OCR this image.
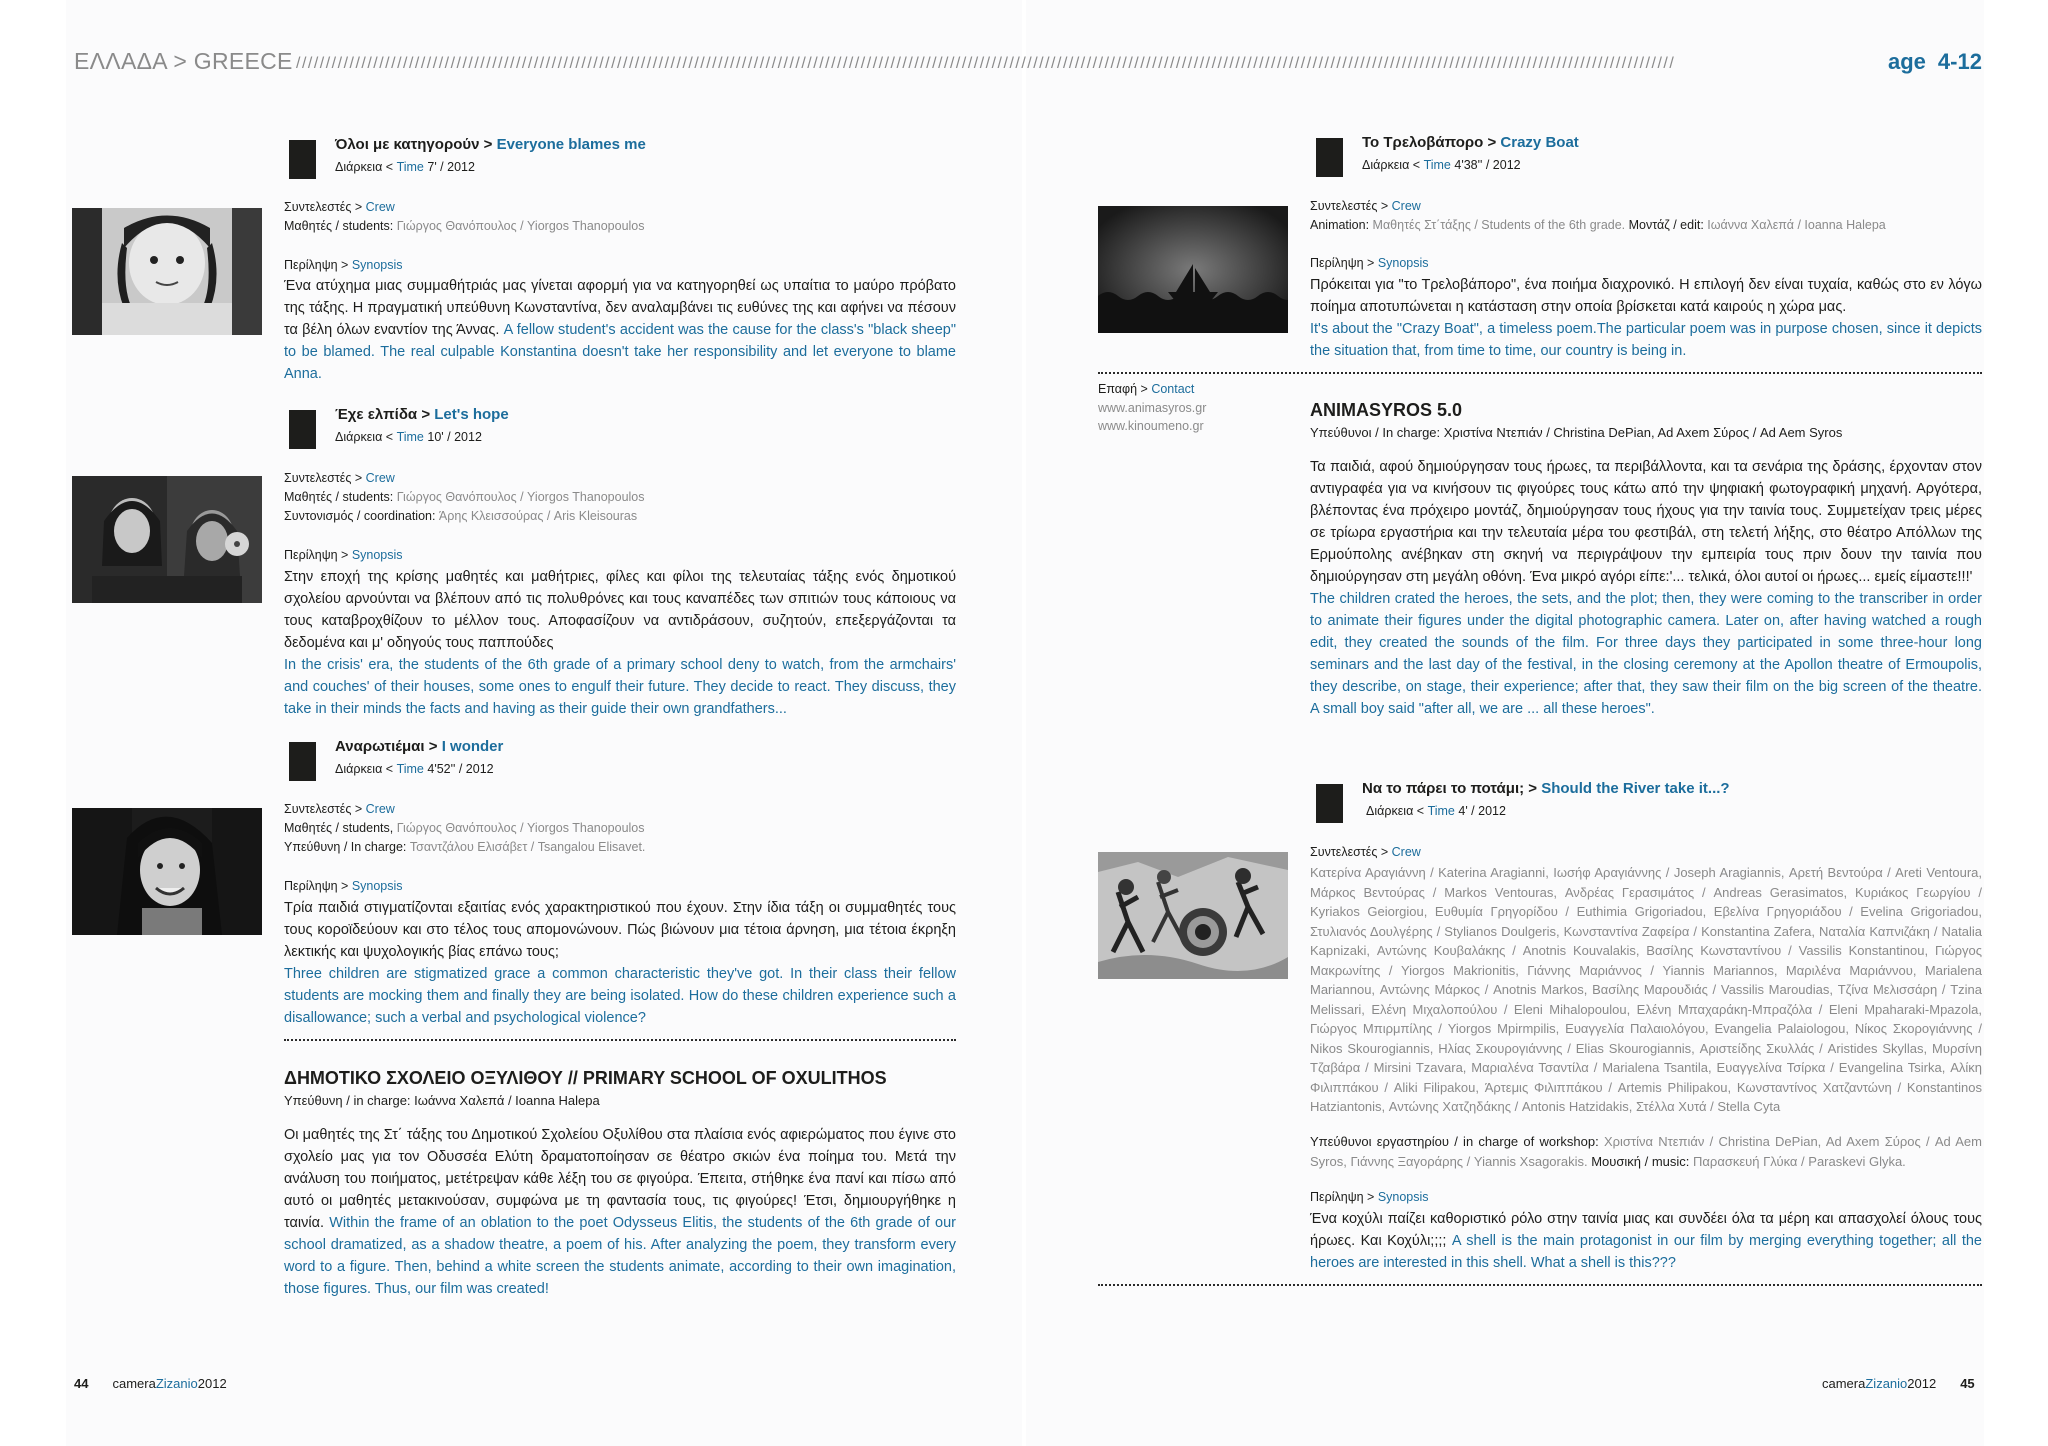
ΕΛΛΑΔΑ > GREECE ////////////////////////////////////////////////////////////////////////////////////////////////////////////////////////////////////////////////////////////////////////////////////////////////////////////////////////////////////////	age 4-12
Όλοι με κατηγορούν > Everyone blames me
Διάρκεια < Time 7' / 2012
Συντελεστές > Crew
Μαθητές / students: Γιώργος Θανόπουλος / Yiorgos Thanopoulos
Περίληψη > Synopsis
Ένα ατύχημα μιας συμμαθήτριάς μας γίνεται αφορμή για να κατηγορηθεί ως υπαίτια το μαύρο πρόβατο της τάξης. Η πραγματική υπεύθυνη Κωνσταντίνα, δεν αναλαμβάνει τις ευθύνες της και αφήνει να πέσουν τα βέλη όλων εναντίον της Άννας. A fellow student's accident was the cause for the class's "black sheep" to be blamed. The real culpable Konstantina doesn't take her responsibility and let everyone to blame Anna.
Έχε ελπίδα > Let's hope
Διάρκεια < Time 10' / 2012
Συντελεστές > Crew
Μαθητές / students: Γιώργος Θανόπουλος / Yiorgos Thanopoulos
Συντονισμός / coordination: Άρης Κλεισσούρας / Aris Kleisouras
Περίληψη > Synopsis
Στην εποχή της κρίσης μαθητές και μαθήτριες, φίλες και φίλοι της τελευταίας τάξης ενός δημοτικού σχολείου αρνούνται να βλέπουν από τις πολυθρόνες και τους καναπέδες των σπιτιών τους κάποιους να τους καταβροχθίζουν το μέλλον τους. Αποφασίζουν να αντιδράσουν, συζητούν, επεξεργάζονται τα δεδομένα και μ' οδηγούς τους παππούδες
In the crisis' era, the students of the 6th grade of a primary school deny to watch, from the armchairs' and couches' of their houses, some ones to engulf their future. They decide to react. They discuss, they take in their minds the facts and having as their guide their own grandfathers...
Αναρωτιέμαι > I wonder
Διάρκεια < Time 4'52'' / 2012
Συντελεστές > Crew
Μαθητές / students, Γιώργος Θανόπουλος / Yiorgos Thanopoulos
Υπεύθυνη / In charge: Τσαντζάλου Ελισάβετ / Tsangalou Elisavet.
Περίληψη > Synopsis
Τρία παιδιά στιγματίζονται εξαιτίας ενός χαρακτηριστικού που έχουν. Στην ίδια τάξη οι συμμαθητές τους τους κοροϊδεύουν και στο τέλος τους απομονώνουν. Πώς βιώνουν μια τέτοια άρνηση, μια τέτοια έκρηξη λεκτικής και ψυχολογικής βίας επάνω τους;
Three children are stigmatized grace a common characteristic they've got. In their class their fellow students are mocking them and finally they are being isolated. How do these children experience such a disallowance; such a verbal and psychological violence?
ΔΗΜΟΤΙΚΟ ΣΧΟΛΕΙΟ ΟΞΥΛΙΘΟΥ // PRIMARY SCHOOL OF OXULITHOS
Υπεύθυνη / in charge: Ιωάννα Χαλεπά / Ioanna Halepa
Οι μαθητές της Στ΄ τάξης του Δημοτικού Σχολείου Οξυλίθου στα πλαίσια ενός αφιερώματος που έγινε στο σχολείο μας για τον Οδυσσέα Ελύτη δραματοποίησαν σε θέατρο σκιών ένα ποίημα του. Μετά την ανάλυση του ποιήματος, μετέτρεψαν κάθε λέξη του σε φιγούρα. Έπειτα, στήθηκε ένα πανί και πίσω από αυτό οι μαθητές μετακινούσαν, συμφώνα με τη φαντασία τους, τις φιγούρες! Έτσι, δημιουργήθηκε η ταινία. Within the frame of an oblation to the poet Odysseus Elitis, the students of the 6th grade of our school dramatized, as a shadow theatre, a poem of his. After analyzing the poem, they transform every word to a figure. Then, behind a white screen the students animate, according to their own imagination, those figures. Thus, our film was created!
44 cameraZizanio2012
Το Τρελοβάπορο > Crazy Boat
Διάρκεια < Time 4'38'' / 2012
Συντελεστές > Crew
Animation: Μαθητές Στ΄τάξης / Students of the 6th grade. Μοντάζ / edit: Ιωάννα Χαλεπά / Ioanna Halepa
Περίληψη > Synopsis
Πρόκειται για "το Τρελοβάπορο", ένα ποιήμα διαχρονικό. Η επιλογή δεν είναι τυχαία, καθώς στο εν λόγω ποίημα αποτυπώνεται η κατάσταση στην οποία βρίσκεται κατά καιρούς η χώρα μας.
It's about the "Crazy Boat", a timeless poem.The particular poem was in purpose chosen, since it depicts the situation that, from time to time, our country is being in.
Επαφή > Contact
www.animasyros.gr
www.kinoumeno.gr
ANIMASYROS 5.0
Υπεύθυνοι / In charge: Χριστίνα Ντεπιάν / Christina DePian, Ad Axem Σύρος / Ad Aem Syros
Τα παιδιά, αφού δημιούργησαν τους ήρωες, τα περιβάλλοντα, και τα σενάρια της δράσης, έρχονταν στον αντιγραφέα για να κινήσουν τις φιγούρες τους κάτω από την ψηφιακή φωτογραφική μηχανή. Αργότερα, βλέποντας ένα πρόχειρο μοντάζ, δημιούργησαν τους ήχους για την ταινία τους. Συμμετείχαν τρεις μέρες σε τρίωρα εργαστήρια και την τελευταία μέρα του φεστιβάλ, στη τελετή λήξης, στο θέατρο Απόλλων της Ερμούπολης ανέβηκαν στη σκηνή να περιγράψουν την εμπειρία τους πριν δουν την ταινία που δημιούργησαν στη μεγάλη οθόνη. Ένα μικρό αγόρι είπε:'... τελικά, όλοι αυτοί οι ήρωες... εμείς είμαστε!!!'
The children crated the heroes, the sets, and the plot; then, they were coming to the transcriber in order to animate their figures under the digital photographic camera. Later on, after having watched a rough edit, they created the sounds of the film. For three days they participated in some three-hour long seminars and the last day of the festival, in the closing ceremony at the Apollon theatre of Ermoupolis, they describe, on stage, their experience; after that, they saw their film on the big screen of the theatre. A small boy said "after all, we are ... all these heroes".
Να το πάρει το ποτάμι; > Should the River take it...?
Διάρκεια < Time 4' / 2012
Συντελεστές > Crew
Κατερίνα Αραγιάννη / Katerina Aragianni, Ιωσήφ Αραγιάννης / Joseph Aragiannis, Αρετή Βεντούρα / Areti Ventoura, Μάρκος Βεντούρας / Markos Ventouras, Ανδρέας Γερασιμάτος / Andreas Gerasimatos, Κυριάκος Γεωργίου / Kyriakos Geiorgiou, Ευθυμία Γρηγορίδου / Euthimia Grigoriadou, Εβελίνα Γρηγοριάδου / Evelina Grigoriadou, Στυλιανός Δουλγέρης / Stylianos Doulgeris, Κωνσταντίνα Ζαφείρα / Konstantina Zafera, Ναταλία Καπνιζάκη / Natalia Kapnizaki, Αντώνης Κουβαλάκης / Anotnis Kouvalakis, Βασίλης Κωνσταντίνου / Vassilis Konstantinou, Γιώργος Μακρωνίτης / Yiorgos Makrionitis, Γιάννης Μαριάννος / Yiannis Mariannos, Μαριλένα Μαριάννου, Marialena Mariannou, Αντώνης Μάρκος / Anotnis Markos, Βασίλης Μαρουδιάς / Vassilis Maroudias, Τζίνα Μελισσάρη / Tzina Melissari, Ελένη Μιχαλοπούλου / Eleni Mihalopoulou, Ελένη Μπαχαράκη-Μπραζόλα / Eleni Mpaharaki-Mpazola, Γιώργος Μπιρμπίλης / Yiorgos Mpirmpilis, Ευαγγελία Παλαιολόγου, Evangelia Palaiologou, Νίκος Σκορογιάννης / Nikos Skourogiannis, Ηλίας Σκουρογιάννης / Elias Skourogiannis, Αριστείδης Σκυλλάς / Aristides Skyllas, Μυρσίνη Τζαβάρα / Mirsini Tzavara, Μαριαλένα Τσαντίλα / Marialena Tsantila, Ευαγγελίνα Τσίρκα / Evangelina Tsirka, Αλίκη Φιλιππάκου / Aliki Filipakou, Άρτεμις Φιλιππάκου / Artemis Philipakou, Κωνσταντίνος Χατζαντώνη / Konstantinos Hatziantonis, Αντώνης Χατζηδάκης / Antonis Hatzidakis, Στέλλα Χυτά / Stella Cyta
Υπεύθυνοι εργαστηρίου / in charge of workshop: Χριστίνα Ντεπιάν / Christina DePian, Ad Axem Σύρος / Ad Aem Syros, Γιάννης Ξαγοράρης / Yiannis Xsagorakis. Μουσική / music: Παρασκευή Γλύκα / Paraskevi Glyka.
Περίληψη > Synopsis
Ένα κοχύλι παίζει καθοριστικό ρόλο στην ταινία μιας και συνδέει όλα τα μέρη και απασχολεί όλους τους ήρωες. Και Κοχύλι;;;; A shell is the main protagonist in our film by merging everything together; all the heroes are interested in this shell. What a shell is this???
cameraZizanio2012 45
